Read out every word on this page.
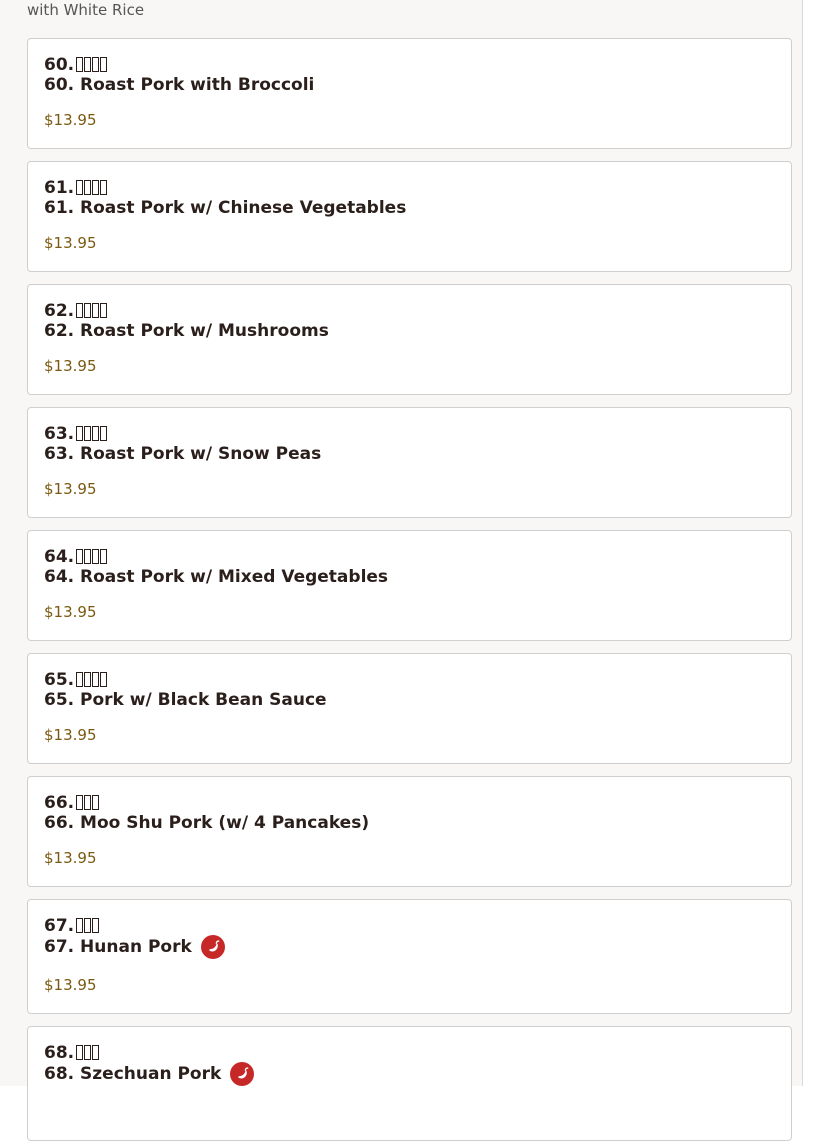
with White Rice
60.
60. Roast Pork with Broccoli
$13.95
61.
61. Roast Pork w/ Chinese Vegetables
$13.95
62.
62. Roast Pork w/ Mushrooms
$13.95
63.
63. Roast Pork w/ Snow Peas
$13.95
64.
64. Roast Pork w/ Mixed Vegetables
$13.95
65.
65. Pork w/ Black Bean Sauce
$13.95
66.
66. Moo Shu Pork (w/ 4 Pancakes)
$13.95
67.
67. Hunan Pork
$13.95
68.
68. Szechuan Pork
